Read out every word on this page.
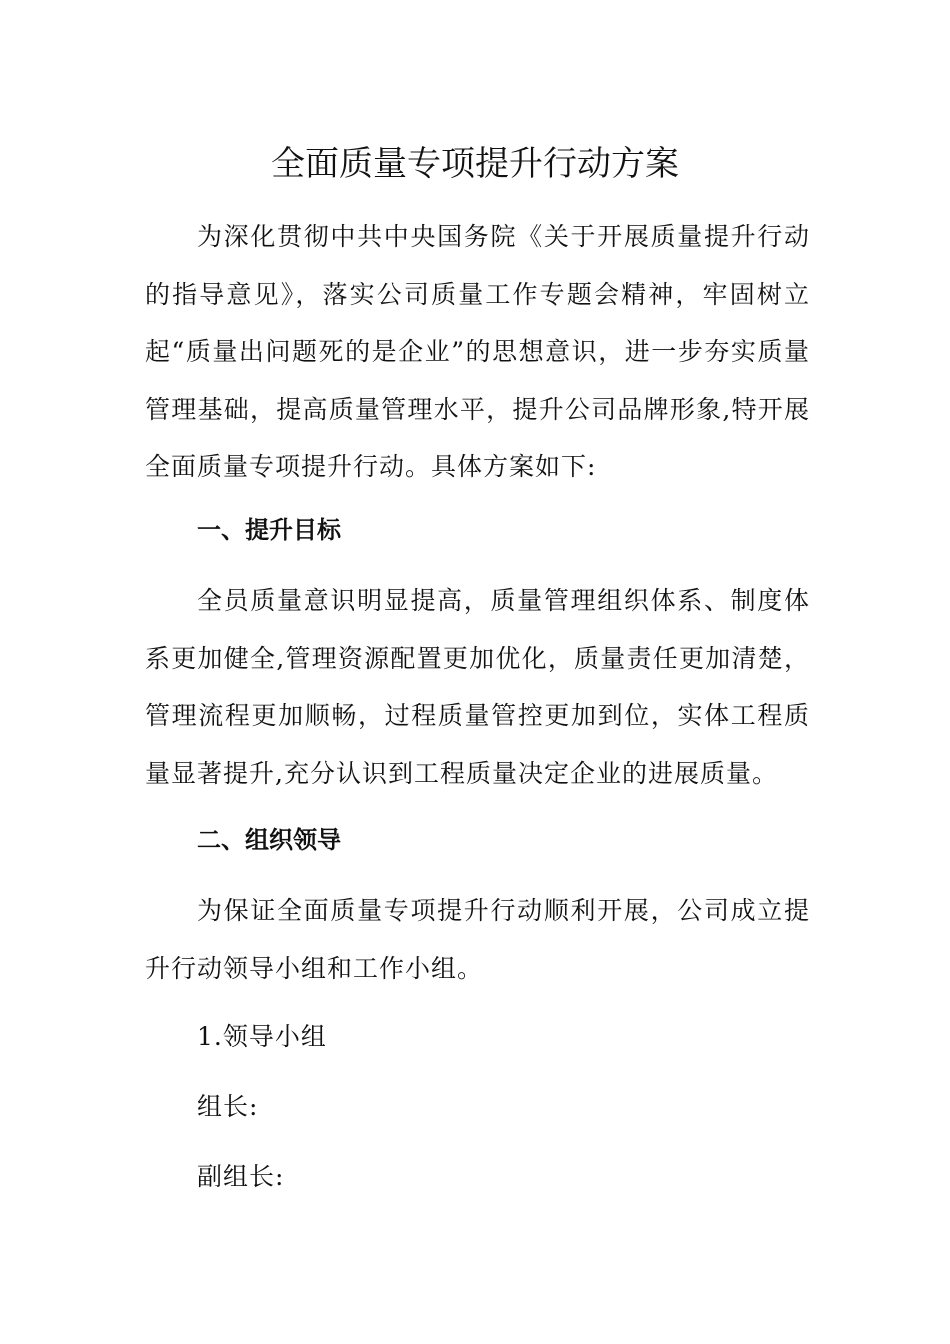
全面质量专项提升行动方案

为深化贯彻中共中央国务院《关于开展质量提升行动的指导意见》，落实公司质量工作专题会精神，牢固树立起“质量出问题死的是企业”的思想意识，进一步夯实质量管理基础，提高质量管理水平，提升公司品牌形象,特开展全面质量专项提升行动。具体方案如下:

一、提升目标

全员质量意识明显提高，质量管理组织体系、制度体系更加健全,管理资源配置更加优化，质量责任更加清楚，管理流程更加顺畅，过程质量管控更加到位，实体工程质量显著提升,充分认识到工程质量决定企业的进展质量。

二、组织领导

为保证全面质量专项提升行动顺利开展，公司成立提升行动领导小组和工作小组。

1.领导小组

组长:

副组长:
